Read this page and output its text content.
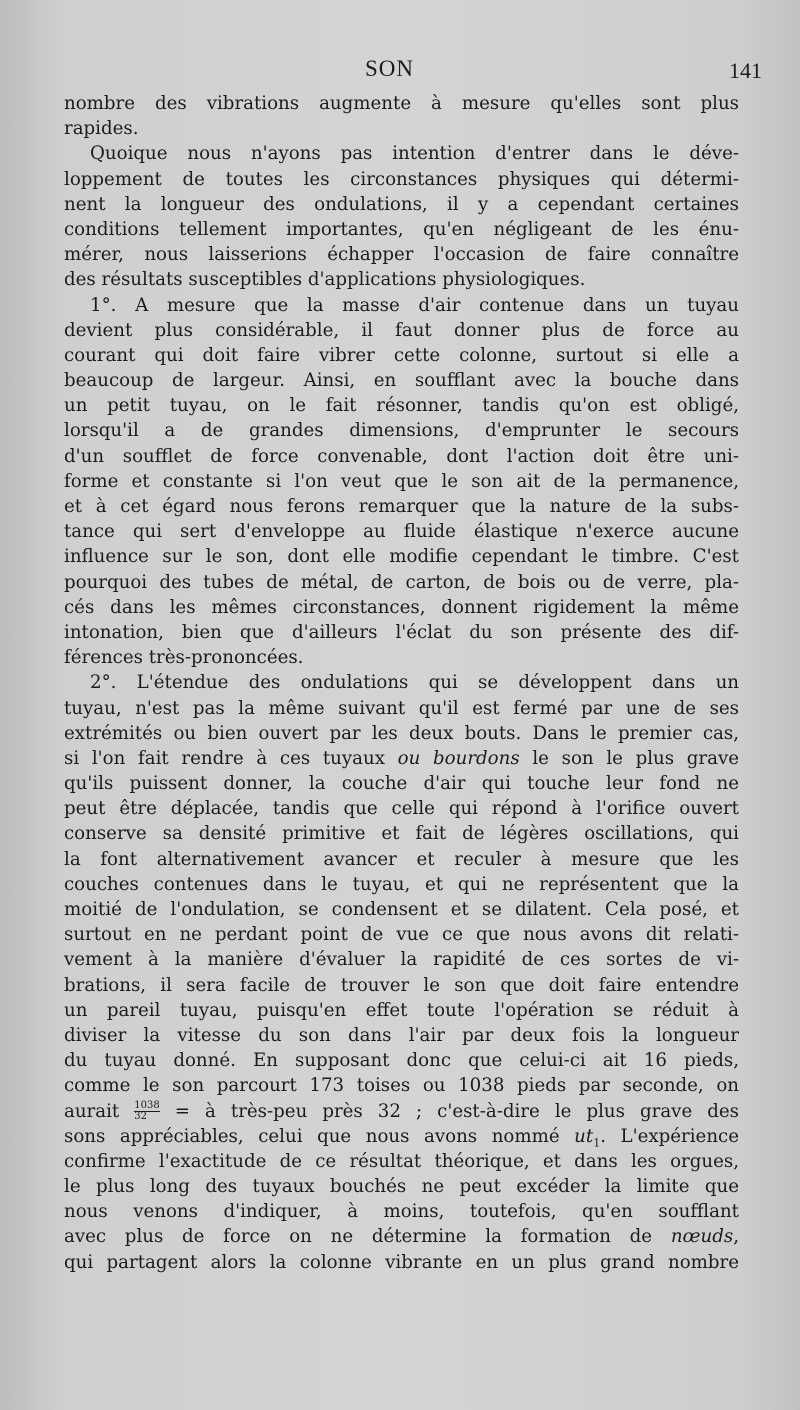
SON	141
nombre des vibrations augmente à mesure qu'elles sont plus
rapides.
Quoique nous n'ayons pas intention d'entrer dans le déve-
loppement de toutes les circonstances physiques qui détermi-
nent la longueur des ondulations, il y a cependant certaines
conditions tellement importantes, qu'en négligeant de les énu-
mérer, nous laisserions échapper l'occasion de faire connaître
des résultats susceptibles d'applications physiologiques.
1°. A mesure que la masse d'air contenue dans un tuyau
devient plus considérable, il faut donner plus de force au
courant qui doit faire vibrer cette colonne, surtout si elle a
beaucoup de largeur. Ainsi, en soufflant avec la bouche dans
un petit tuyau, on le fait résonner, tandis qu'on est obligé,
lorsqu'il a de grandes dimensions, d'emprunter le secours
d'un soufflet de force convenable, dont l'action doit être uni-
forme et constante si l'on veut que le son ait de la permanence,
et à cet égard nous ferons remarquer que la nature de la subs-
tance qui sert d'enveloppe au fluide élastique n'exerce aucune
influence sur le son, dont elle modifie cependant le timbre. C'est
pourquoi des tubes de métal, de carton, de bois ou de verre, pla-
cés dans les mêmes circonstances, donnent rigidement la même
intonation, bien que d'ailleurs l'éclat du son présente des dif-
férences très-prononcées.
2°. L'étendue des ondulations qui se développent dans un
tuyau, n'est pas la même suivant qu'il est fermé par une de ses
extrémités ou bien ouvert par les deux bouts. Dans le premier cas,
si l'on fait rendre à ces tuyaux ou bourdons le son le plus grave
qu'ils puissent donner, la couche d'air qui touche leur fond ne
peut être déplacée, tandis que celle qui répond à l'orifice ouvert
conserve sa densité primitive et fait de légères oscillations, qui
la font alternativement avancer et reculer à mesure que les
couches contenues dans le tuyau, et qui ne représentent que la
moitié de l'ondulation, se condensent et se dilatent. Cela posé, et
surtout en ne perdant point de vue ce que nous avons dit relati-
vement à la manière d'évaluer la rapidité de ces sortes de vi-
brations, il sera facile de trouver le son que doit faire entendre
un pareil tuyau, puisqu'en effet toute l'opération se réduit à
diviser la vitesse du son dans l'air par deux fois la longueur
du tuyau donné. En supposant donc que celui-ci ait 16 pieds,
comme le son parcourt 173 toises ou 1038 pieds par seconde, on
aurait $\frac{1038}{32}$ = à très-peu près 32 ; c'est-à-dire le plus grave des
sons appréciables, celui que nous avons nommé $ut_1$. L'expérience
confirme l'exactitude de ce résultat théorique, et dans les orgues,
le plus long des tuyaux bouchés ne peut excéder la limite que
nous venons d'indiquer, à moins, toutefois, qu'en soufflant
avec plus de force on ne détermine la formation de nœuds,
qui partagent alors la colonne vibrante en un plus grand nombre
